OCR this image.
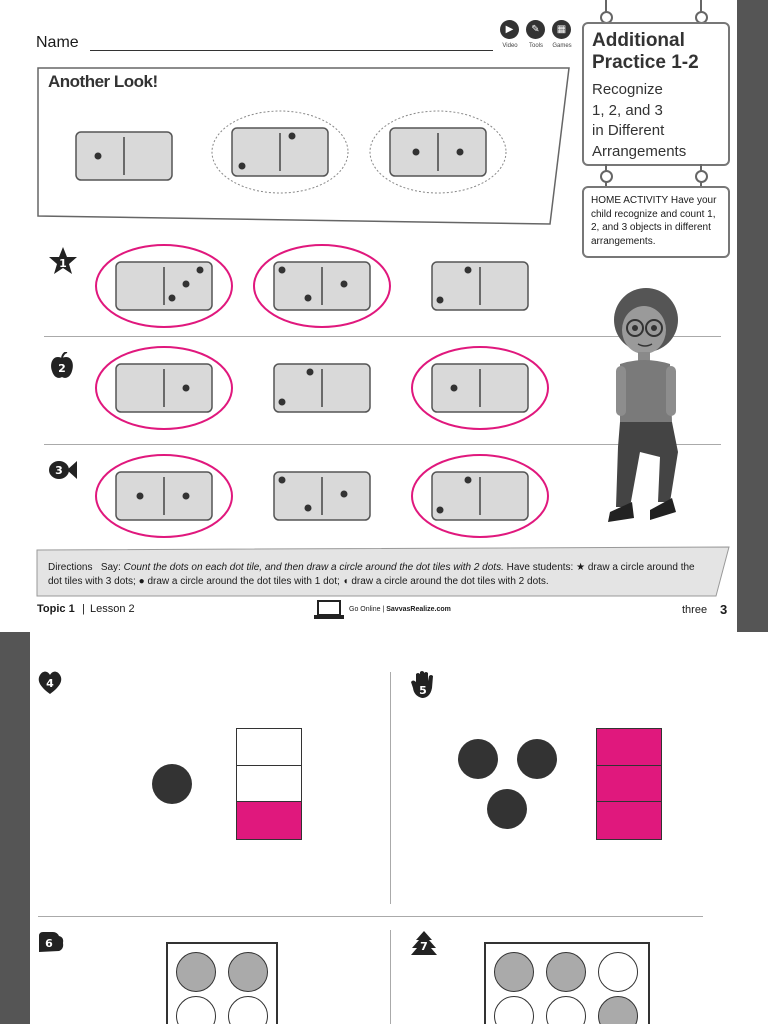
Name
▶
Video
✎
Tools
▦
Games Additional
Practice 1-2
Recognize
1, 2, and 3
in Different
Arrangements
HOME ACTIVITY Have your child recognize and count 1, 2, and 3 objects in different arrangements.
Another Look!
1
2
3
Directions Say: Count the dots on each dot tile, and then draw a circle around the dot tiles with 2 dots. Have students: ★ draw a circle around the dot tiles with 3 dots; ● draw a circle around the dot tiles with 1 dot; ◖ draw a circle around the dot tiles with 2 dots.
Topic 1 | Lesson 2	Go Online | SavvasRealize.com	three 3
4
5
6	7
